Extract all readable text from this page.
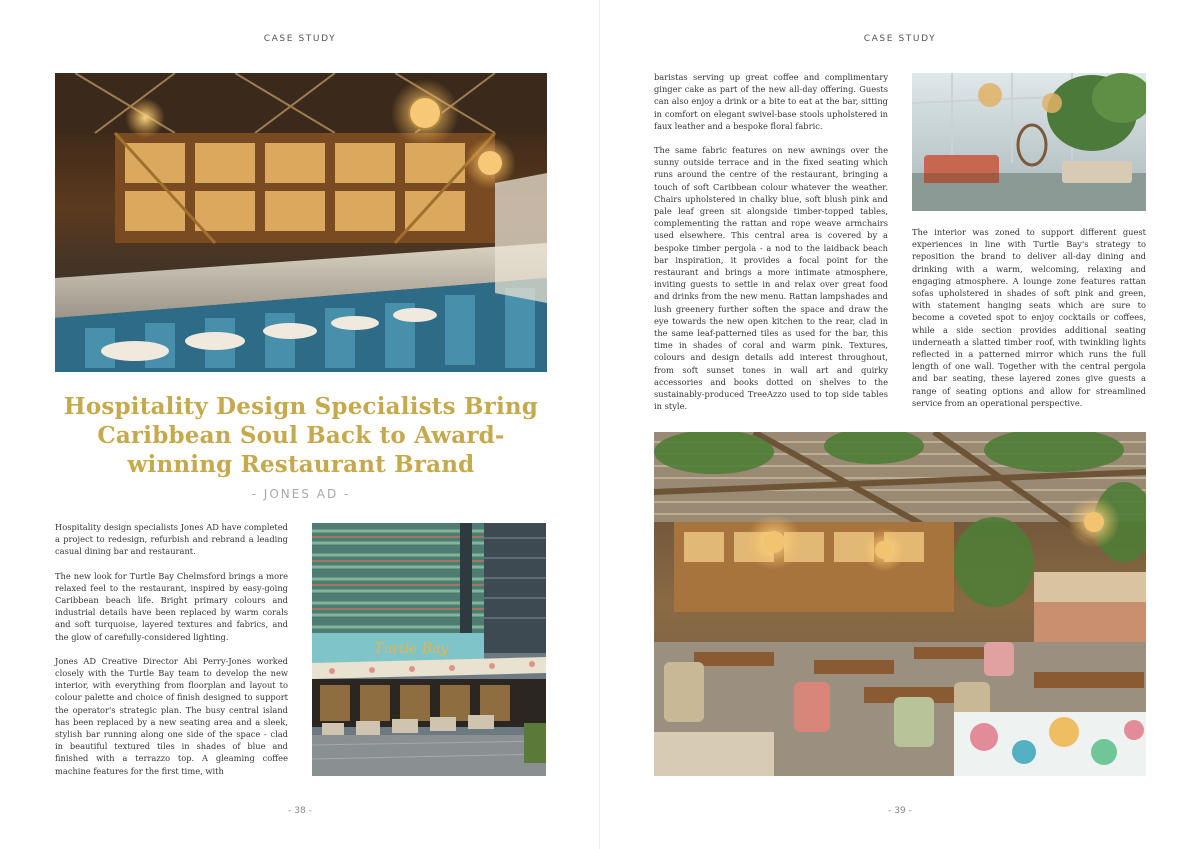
CASE STUDY
Hospitality Design Specialists Bring Caribbean Soul Back to Award-winning Restaurant Brand
- JONES AD -

Hospitality design specialists Jones AD have completed a project to redesign, refurbish and rebrand a leading casual dining bar and restaurant.

The new look for Turtle Bay Chelmsford brings a more relaxed feel to the restaurant, inspired by easy-going Caribbean beach life. Bright primary colours and industrial details have been replaced by warm corals and soft turquoise, layered textures and fabrics, and the glow of carefully-considered lighting.

Jones AD Creative Director Abi Perry-Jones worked closely with the Turtle Bay team to develop the new interior, with everything from floorplan and layout to colour palette and choice of finish designed to support the operator's strategic plan. The busy central island has been replaced by a new seating area and a sleek, stylish bar running along one side of the space - clad in beautiful textured tiles in shades of blue and finished with a terrazzo top. A gleaming coffee machine features for the first time, with

Turtle Bay
- 38 -
CASE STUDY

baristas serving up great coffee and complimentary ginger cake as part of the new all-day offering. Guests can also enjoy a drink or a bite to eat at the bar, sitting in comfort on elegant swivel-base stools upholstered in faux leather and a bespoke floral fabric.

The same fabric features on new awnings over the sunny outside terrace and in the fixed seating which runs around the centre of the restaurant, bringing a touch of soft Caribbean colour whatever the weather. Chairs upholstered in chalky blue, soft blush pink and pale leaf green sit alongside timber-topped tables, complementing the rattan and rope weave armchairs used elsewhere. This central area is covered by a bespoke timber pergola - a nod to the laidback beach bar inspiration, it provides a focal point for the restaurant and brings a more intimate atmosphere, inviting guests to settle in and relax over great food and drinks from the new menu. Rattan lampshades and lush greenery further soften the space and draw the eye towards the new open kitchen to the rear, clad in the same leaf-patterned tiles as used for the bar, this time in shades of coral and warm pink. Textures, colours and design details add interest throughout, from soft sunset tones in wall art and quirky accessories and books dotted on shelves to the sustainably-produced TreeAzzo used to top side tables in style.

The interior was zoned to support different guest experiences in line with Turtle Bay's strategy to reposition the brand to deliver all-day dining and drinking with a warm, welcoming, relaxing and engaging atmosphere. A lounge zone features rattan sofas upholstered in shades of soft pink and green, with statement hanging seats which are sure to become a coveted spot to enjoy cocktails or coffees, while a side section provides additional seating underneath a slatted timber roof, with twinkling lights reflected in a patterned mirror which runs the full length of one wall. Together with the central pergola and bar seating, these layered zones give guests a range of seating options and allow for streamlined service from an operational perspective.

- 39 -
